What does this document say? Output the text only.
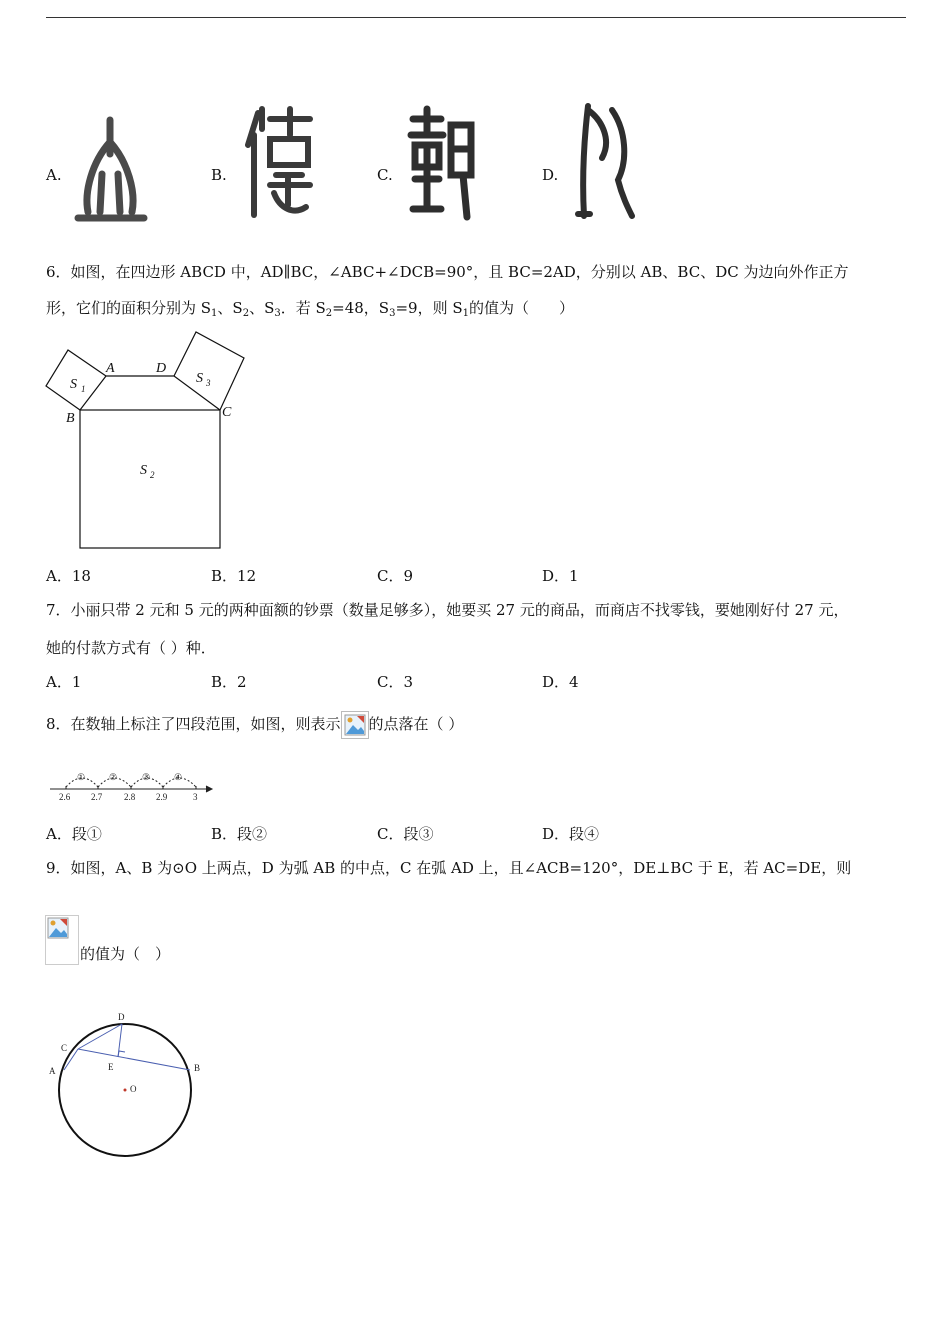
A.	B.	C.	D.
6．如图，在四边形 ABCD 中，AD∥BC，∠ABC+∠DCB=90°，且 BC=2AD，分别以 AB、BC、DC 为边向外作正方
形，它们的面积分别为 $S_1$、$S_2$、$S_3$．若 $S_2=48$，$S_3=9$，则 $S_1$的值为（　　）
B
A	D
C
S 1
S 2
S 3
A．18	B．12	C．9	D．1
7．小丽只带 2 元和 5 元的两种面额的钞票（数量足够多），她要买 27 元的商品，而商店不找零钱，要她刚好付 27 元，
她的付款方式有（ ）种．
A．1	B．2	C．3	D．4
8．在数轴上标注了四段范围，如图，则表示 的点落在（ ）
①	②	③	④
2.6 2.7 2.8 2.9	3
A．段①	B．段②	C．段③	D．段④
9．如图，A、B 为⊙O 上两点，D 为弧 AB 的中点，C 在弧 AD 上，且∠ACB=120°，DE⊥BC 于 E，若 AC=DE，则
的值为（　）
A
C
D
E	B
O
